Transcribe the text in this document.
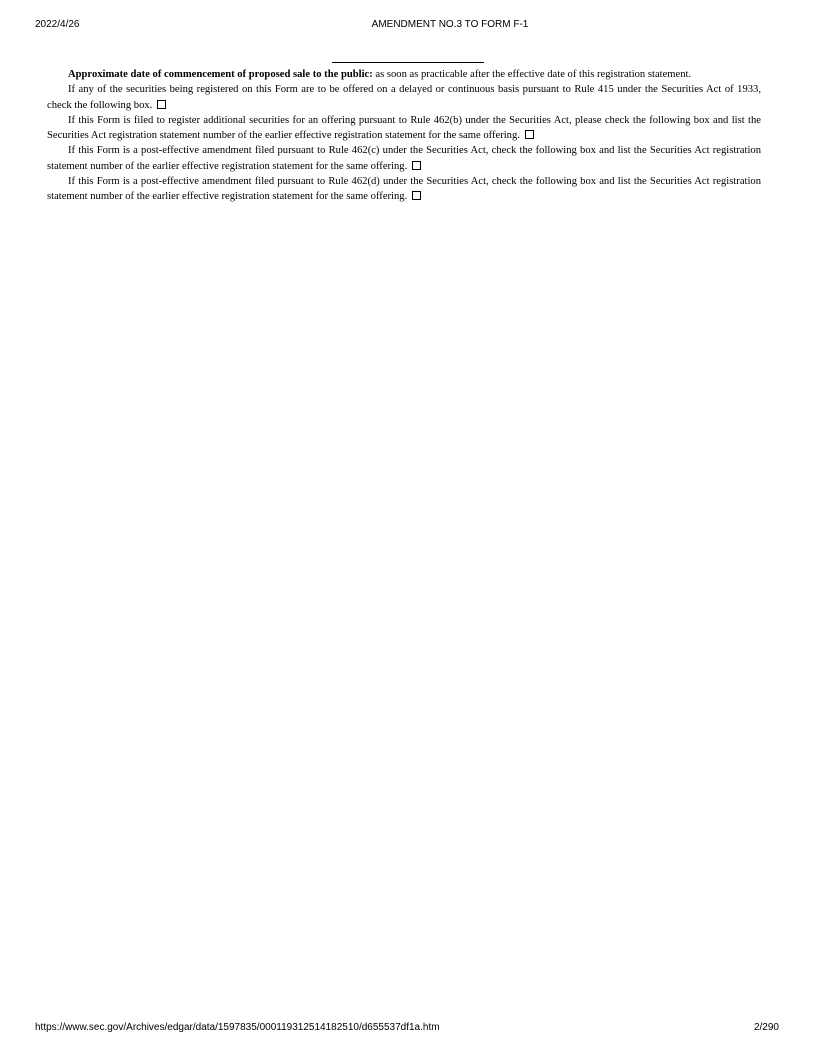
2022/4/26	AMENDMENT NO.3 TO FORM F-1

Approximate date of commencement of proposed sale to the public: as soon as practicable after the effective date of this registration statement.

If any of the securities being registered on this Form are to be offered on a delayed or continuous basis pursuant to Rule 415 under the Securities Act of 1933, check the following box.

If this Form is filed to register additional securities for an offering pursuant to Rule 462(b) under the Securities Act, please check the following box and list the Securities Act registration statement number of the earlier effective registration statement for the same offering.

If this Form is a post-effective amendment filed pursuant to Rule 462(c) under the Securities Act, check the following box and list the Securities Act registration statement number of the earlier effective registration statement for the same offering.

If this Form is a post-effective amendment filed pursuant to Rule 462(d) under the Securities Act, check the following box and list the Securities Act registration statement number of the earlier effective registration statement for the same offering.

https://www.sec.gov/Archives/edgar/data/1597835/000119312514182510/d655537df1a.htm	2/290
